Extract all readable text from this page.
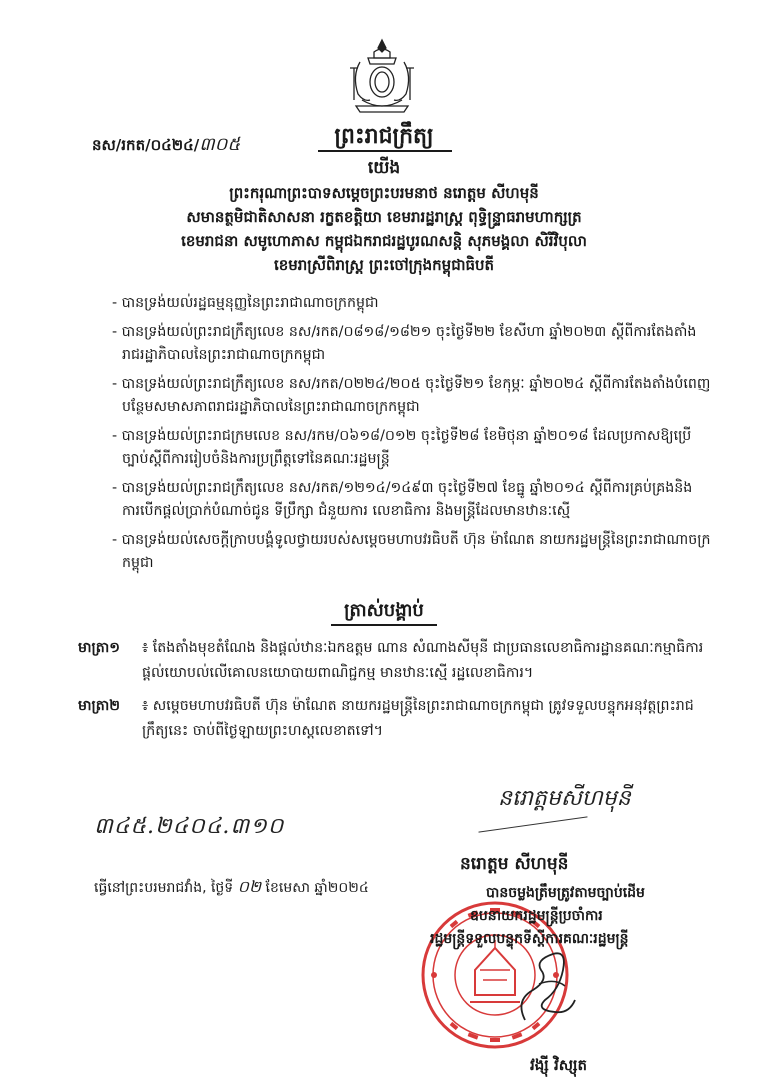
នស/រកត/០៤២៤/៣០៥	ព្រះរាជក្រឹត្យ
យើង
ព្រះករុណាព្រះបាទសម្តេចព្រះបរមនាថ នរោត្តម សីហមុនី
សមានត្ថមិជាតិសាសនា រក្ខតខត្តិយា ខេមរារដ្ឋរាស្ត្រ ពុទ្ធិន្ទ្រាធរាមហាក្សត្រ
ខេមរាជនា សមូហោភាស កម្ពុជឯករាជរដ្ឋបូរណសន្តិ សុភមង្គលា សិរីវិបុលា
ខេមរាស្រីពិរាស្ត្រ ព្រះចៅក្រុងកម្ពុជាធិបតី
- បានទ្រង់យល់រដ្ឋធម្មនុញ្ញនៃព្រះរាជាណាចក្រកម្ពុជា
- បានទ្រង់យល់ព្រះរាជក្រឹត្យលេខ នស/រកត/០៨១៨/១៨២១ ចុះថ្ងៃទី២២ ខែសីហា ឆ្នាំ២០២៣ ស្តីពីការតែងតាំងរាជរដ្ឋាភិបាលនៃព្រះរាជាណាចក្រកម្ពុជា
- បានទ្រង់យល់ព្រះរាជក្រឹត្យលេខ នស/រកត/០២២៤/២០៥ ចុះថ្ងៃទី២១ ខែកុម្ភៈ ឆ្នាំ២០២៤ ស្តីពីការតែងតាំងបំពេញបន្ថែមសមាសភាពរាជរដ្ឋាភិបាលនៃព្រះរាជាណាចក្រកម្ពុជា
- បានទ្រង់យល់ព្រះរាជក្រមលេខ នស/រកម/០៦១៨/០១២ ចុះថ្ងៃទី២៨ ខែមិថុនា ឆ្នាំ២០១៨ ដែលប្រកាសឱ្យប្រើច្បាប់ស្តីពីការរៀបចំនិងការប្រព្រឹត្តទៅនៃគណៈរដ្ឋមន្ត្រី
- បានទ្រង់យល់ព្រះរាជក្រឹត្យលេខ នស/រកត/១២១៤/១៤៩៣ ចុះថ្ងៃទី២៧ ខែធ្នូ ឆ្នាំ២០១៤ ស្តីពីការគ្រប់គ្រងនិងការបើកផ្តល់ប្រាក់បំណាច់ជូន ទីប្រឹក្សា ជំនួយការ លេខាធិការ និងមន្ត្រីដែលមានឋានៈស្មើ
- បានទ្រង់យល់សេចក្តីក្រាបបង្គំទូលថ្វាយរបស់សម្តេចមហាបវរធិបតី ហ៊ុន ម៉ាណែត នាយករដ្ឋមន្ត្រីនៃព្រះរាជាណាចក្រកម្ពុជា
ត្រាស់បង្គាប់
មាត្រា១ ៖ តែងតាំងមុខតំណែង និងផ្តល់ឋានៈឯកឧត្តម ណាន សំណាងសីមុនី ជាប្រធានលេខាធិការដ្ឋានគណៈកម្មាធិការផ្តល់យោបល់លើគោលនយោបាយពាណិជ្ជកម្ម មានឋានៈស្មើ រដ្ឋលេខាធិការ។
មាត្រា២ ៖ សម្តេចមហាបវរធិបតី ហ៊ុន ម៉ាណែត នាយករដ្ឋមន្ត្រីនៃព្រះរាជាណាចក្រកម្ពុជា ត្រូវទទួលបន្ទុកអនុវត្តព្រះរាជក្រឹត្យនេះ ចាប់ពីថ្ងៃឡាយព្រះហស្តលេខាតទៅ។
៣៤៥.២៤០៤.៣១០
នរោត្តមសីហមុនី
នរោត្តម សីហមុនី
ធ្វើនៅព្រះបរមរាជវាំង, ថ្ងៃទី ០២ ខែមេសា ឆ្នាំ២០២៤	បានចម្លងត្រឹមត្រូវតាមច្បាប់ដើម
ឧបនាយករដ្ឋមន្ត្រីប្រចាំការ
រដ្ឋមន្ត្រីទទួលបន្ទុកទីស្តីការគណៈរដ្ឋមន្ត្រី
វង្ស៊ី វិស្សុត
